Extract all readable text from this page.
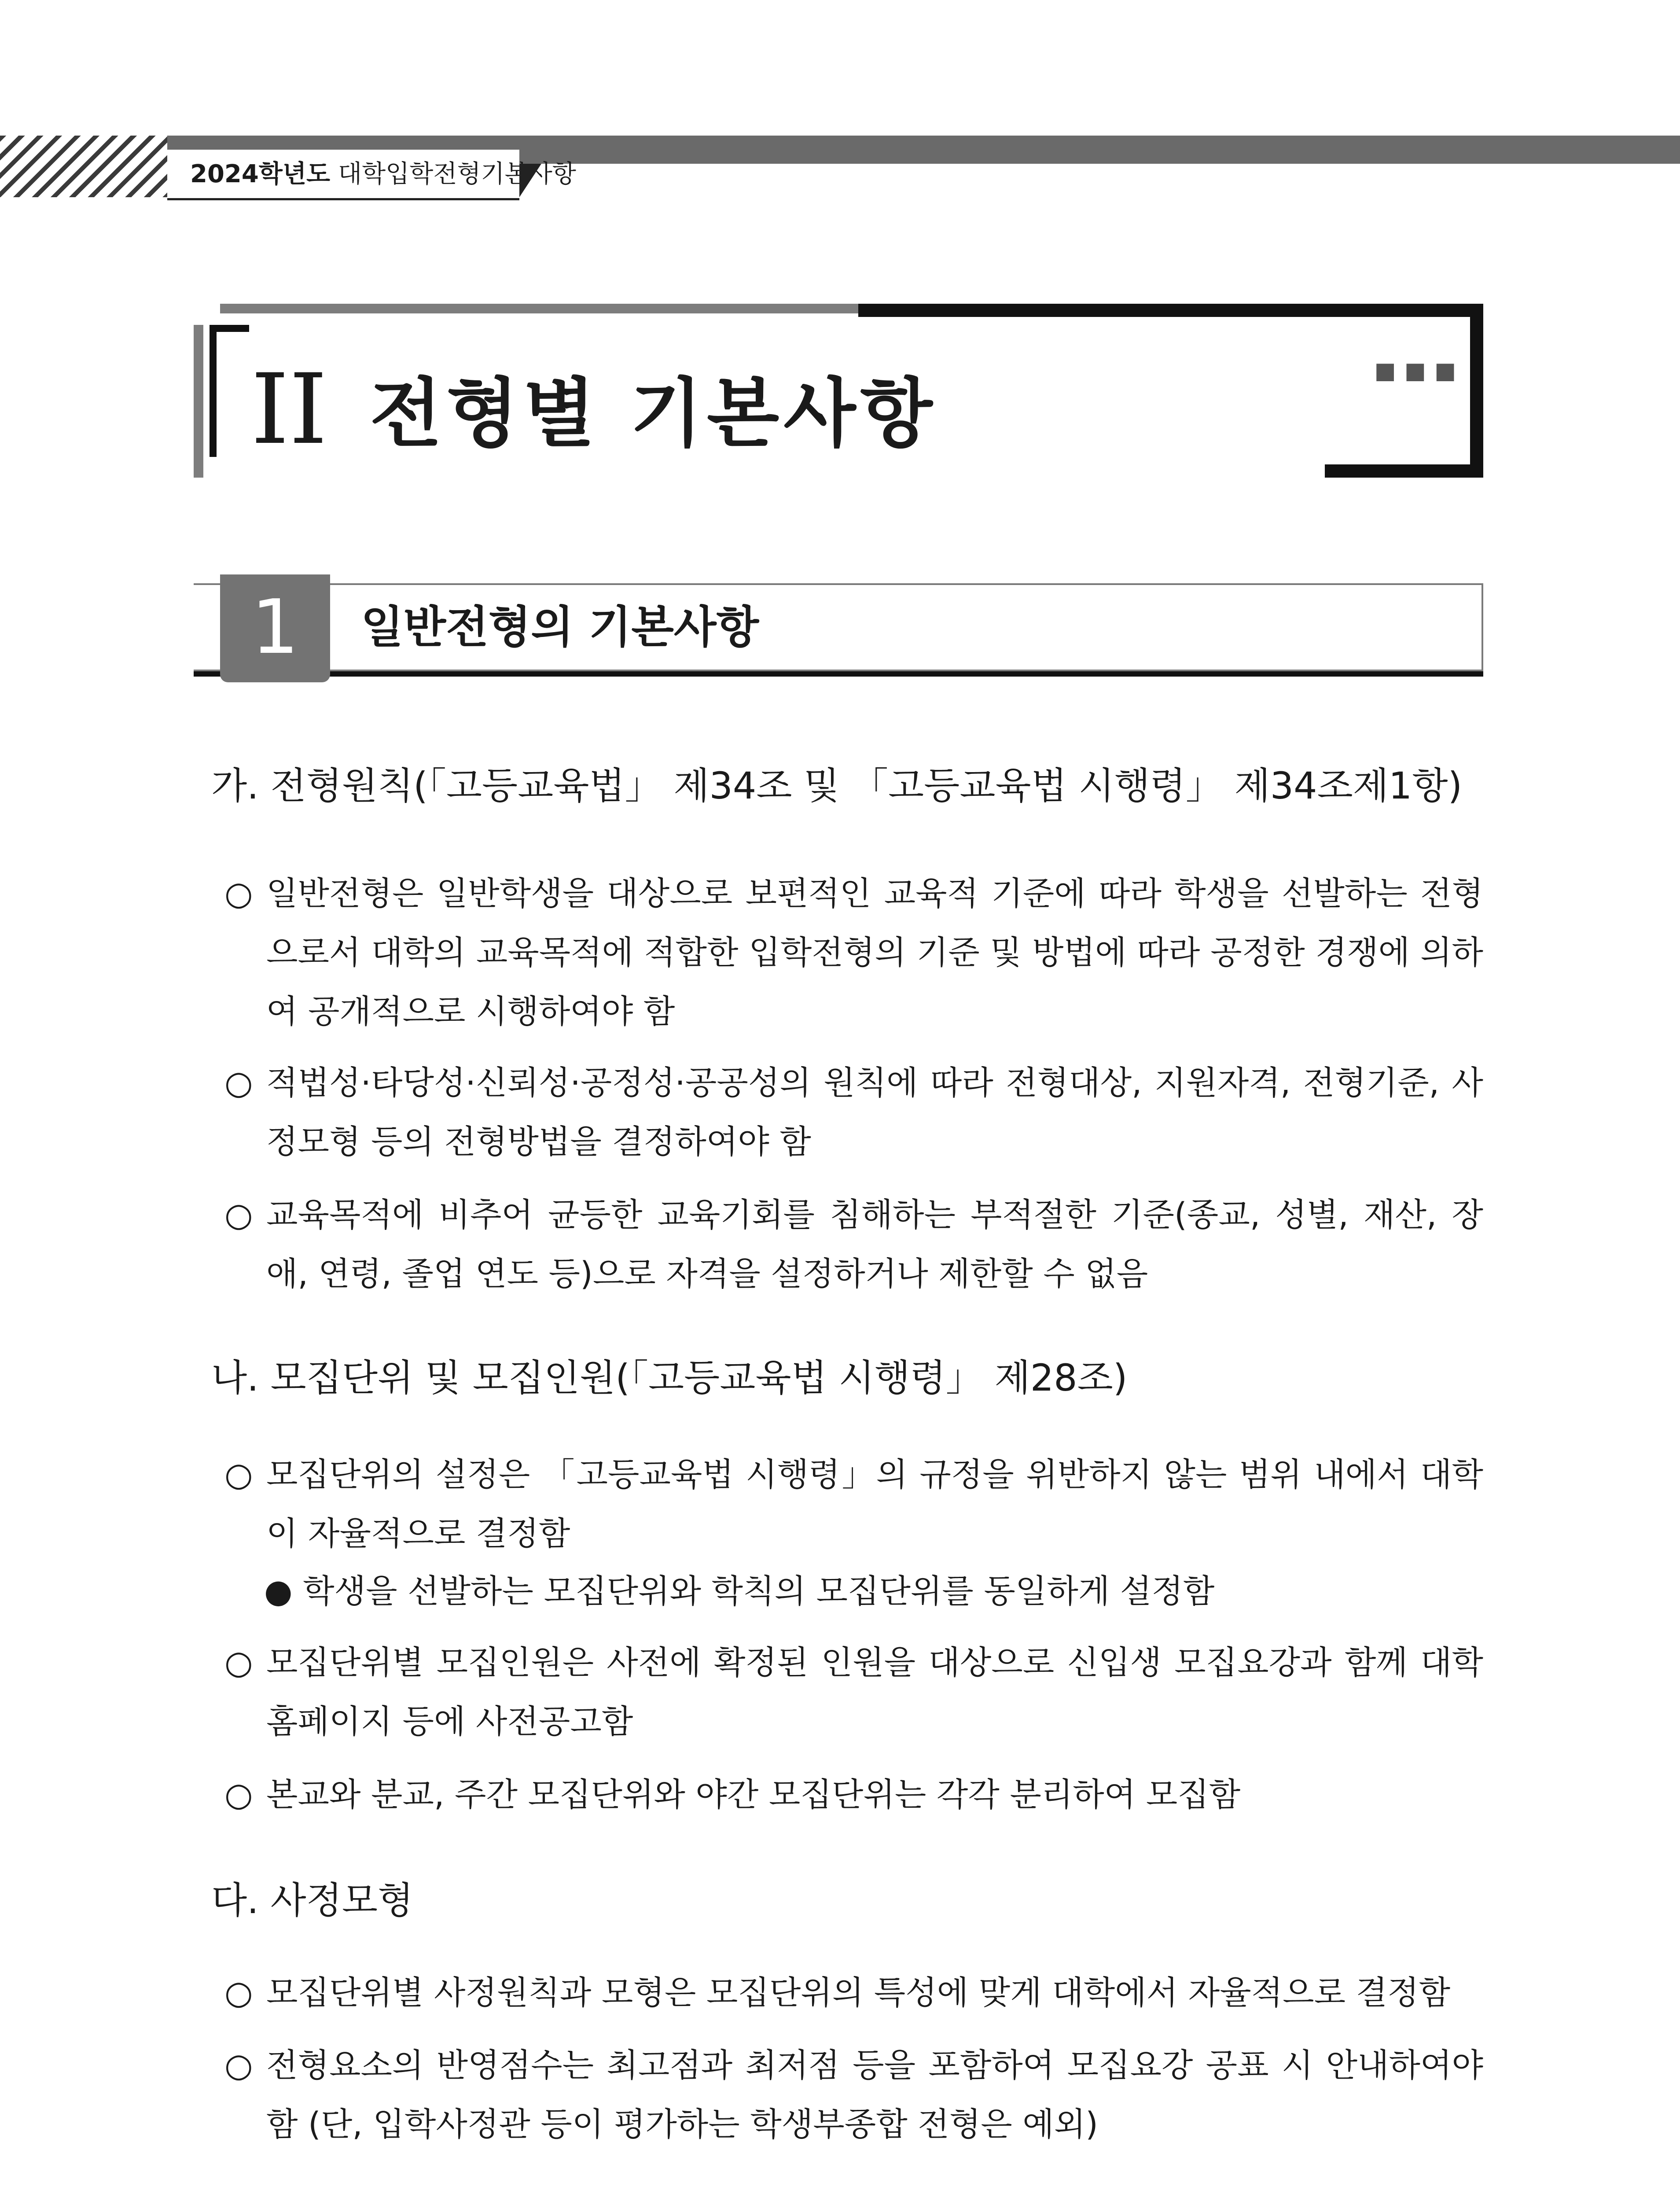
2024학년도 대학입학전형기본사항
▪▪▪
II 전형별 기본사항
1	일반전형의 기본사항
가. 전형원칙(「고등교육법」 제34조 및 「고등교육법 시행령」 제34조제1항)
○ 일반전형은 일반학생을 대상으로 보편적인 교육적 기준에 따라 학생을 선발하는 전형으로서 대학의 교육목적에 적합한 입학전형의 기준 및 방법에 따라 공정한 경쟁에 의하여 공개적으로 시행하여야 함
○ 적법성·타당성·신뢰성·공정성·공공성의 원칙에 따라 전형대상, 지원자격, 전형기준, 사정모형 등의 전형방법을 결정하여야 함
○ 교육목적에 비추어 균등한 교육기회를 침해하는 부적절한 기준(종교, 성별, 재산, 장애, 연령, 졸업 연도 등)으로 자격을 설정하거나 제한할 수 없음
나. 모집단위 및 모집인원(「고등교육법 시행령」 제28조)
○ 모집단위의 설정은 「고등교육법 시행령」의 규정을 위반하지 않는 범위 내에서 대학이 자율적으로 결정함
● 학생을 선발하는 모집단위와 학칙의 모집단위를 동일하게 설정함
○ 모집단위별 모집인원은 사전에 확정된 인원을 대상으로 신입생 모집요강과 함께 대학 홈페이지 등에 사전공고함
○ 본교와 분교, 주간 모집단위와 야간 모집단위는 각각 분리하여 모집함
다. 사정모형
○ 모집단위별 사정원칙과 모형은 모집단위의 특성에 맞게 대학에서 자율적으로 결정함
○ 전형요소의 반영점수는 최고점과 최저점 등을 포함하여 모집요강 공표 시 안내하여야 함 (단, 입학사정관 등이 평가하는 학생부종합 전형은 예외)
